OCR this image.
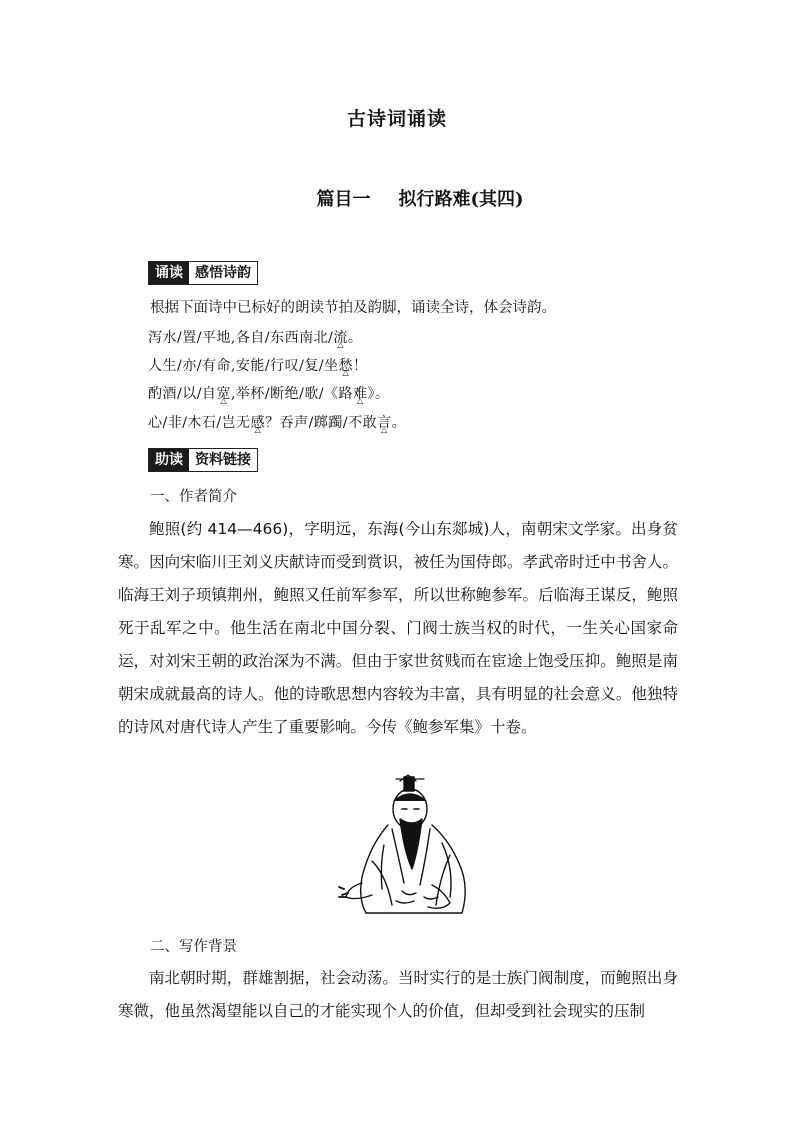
古诗词诵读
篇目一 拟行路难(其四)
诵读 感悟诗韵
根据下面诗中已标好的朗读节拍及韵脚，诵读全诗，体会诗韵。
泻水/置/平地,各自/东西南北/流 △。
人生/亦/有命,安能/行叹/复/坐愁 △！
酌酒/以/自宽 △,举杯/断绝/歌/《路难 △》。
心/非/木石/岂无感 △？吞声/踯躅/不敢言 △。
助读 资料链接
一、作者简介
鲍照(约 414—466)，字明远，东海(今山东郯城)人，南朝宋文学家。出身贫寒。因向宋临川王刘义庆献诗而受到赏识，被任为国侍郎。孝武帝时迁中书舍人。临海王刘子顼镇荆州，鲍照又任前军参军，所以世称鲍参军。后临海王谋反，鲍照死于乱军之中。他生活在南北中国分裂、门阀士族当权的时代，一生关心国家命运，对刘宋王朝的政治深为不满。但由于家世贫贱而在宦途上饱受压抑。鲍照是南朝宋成就最高的诗人。他的诗歌思想内容较为丰富，具有明显的社会意义。他独特的诗风对唐代诗人产生了重要影响。今传《鲍参军集》十卷。
二、写作背景
南北朝时期，群雄割据，社会动荡。当时实行的是士族门阀制度，而鲍照出身寒微，他虽然渴望能以自己的才能实现个人的价值，但却受到社会现实的压制
